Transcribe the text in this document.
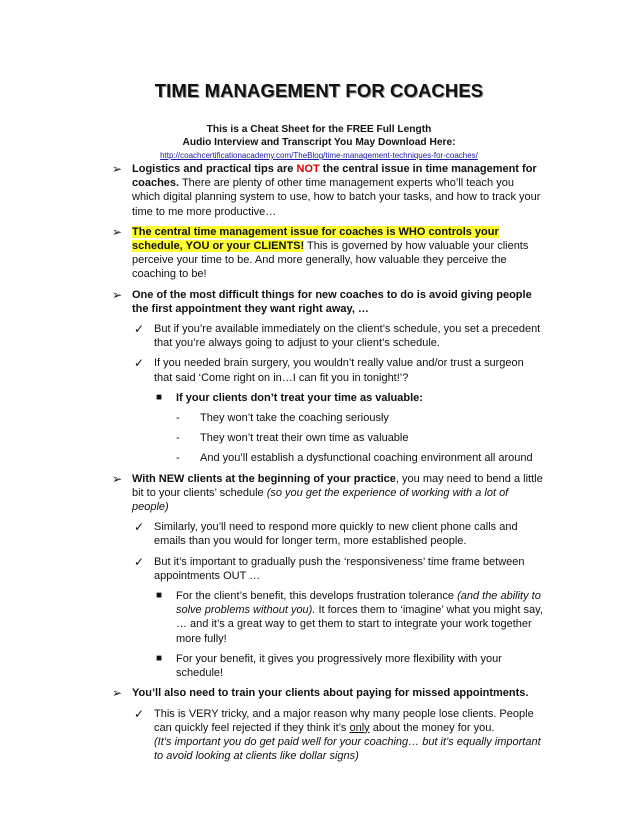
TIME MANAGEMENT FOR COACHES
This is a Cheat Sheet for the FREE Full Length
Audio Interview and Transcript You May Download Here:
http://coachcertificationacademy.com/TheBlog/time-management-techniques-for-coaches/
➢ Logistics and practical tips are NOT the central issue in time management for coaches. There are plenty of other time management experts who’ll teach you which digital planning system to use, how to batch your tasks, and how to track your time to me more productive…
➢ The central time management issue for coaches is WHO controls your schedule, YOU or your CLIENTS! This is governed by how valuable your clients perceive your time to be. And more generally, how valuable they perceive the coaching to be!
➢ One of the most difficult things for new coaches to do is avoid giving people the first appointment they want right away, …
✓ But if you’re available immediately on the client’s schedule, you set a precedent that you’re always going to adjust to your client’s schedule.
✓ If you needed brain surgery, you wouldn’t really value and/or trust a surgeon that said ‘Come right on in…I can fit you in tonight!’?
■ If your clients don’t treat your time as valuable:
- They won’t take the coaching seriously
- They won’t treat their own time as valuable
- And you’ll establish a dysfunctional coaching environment all around
➢ With NEW clients at the beginning of your practice, you may need to bend a little bit to your clients’ schedule (so you get the experience of working with a lot of people)
✓ Similarly, you’ll need to respond more quickly to new client phone calls and emails than you would for longer term, more established people.
✓ But it’s important to gradually push the ‘responsiveness’ time frame between appointments OUT …
■ For the client’s benefit, this develops frustration tolerance (and the ability to solve problems without you). It forces them to ‘imagine’ what you might say, … and it’s a great way to get them to start to integrate your work together more fully!
■ For your benefit, it gives you progressively more flexibility with your schedule!
➢ You’ll also need to train your clients about paying for missed appointments.
✓ This is VERY tricky, and a major reason why many people lose clients. People can quickly feel rejected if they think it’s only about the money for you.
(It’s important you do get paid well for your coaching… but it’s equally important to avoid looking at clients like dollar signs)
